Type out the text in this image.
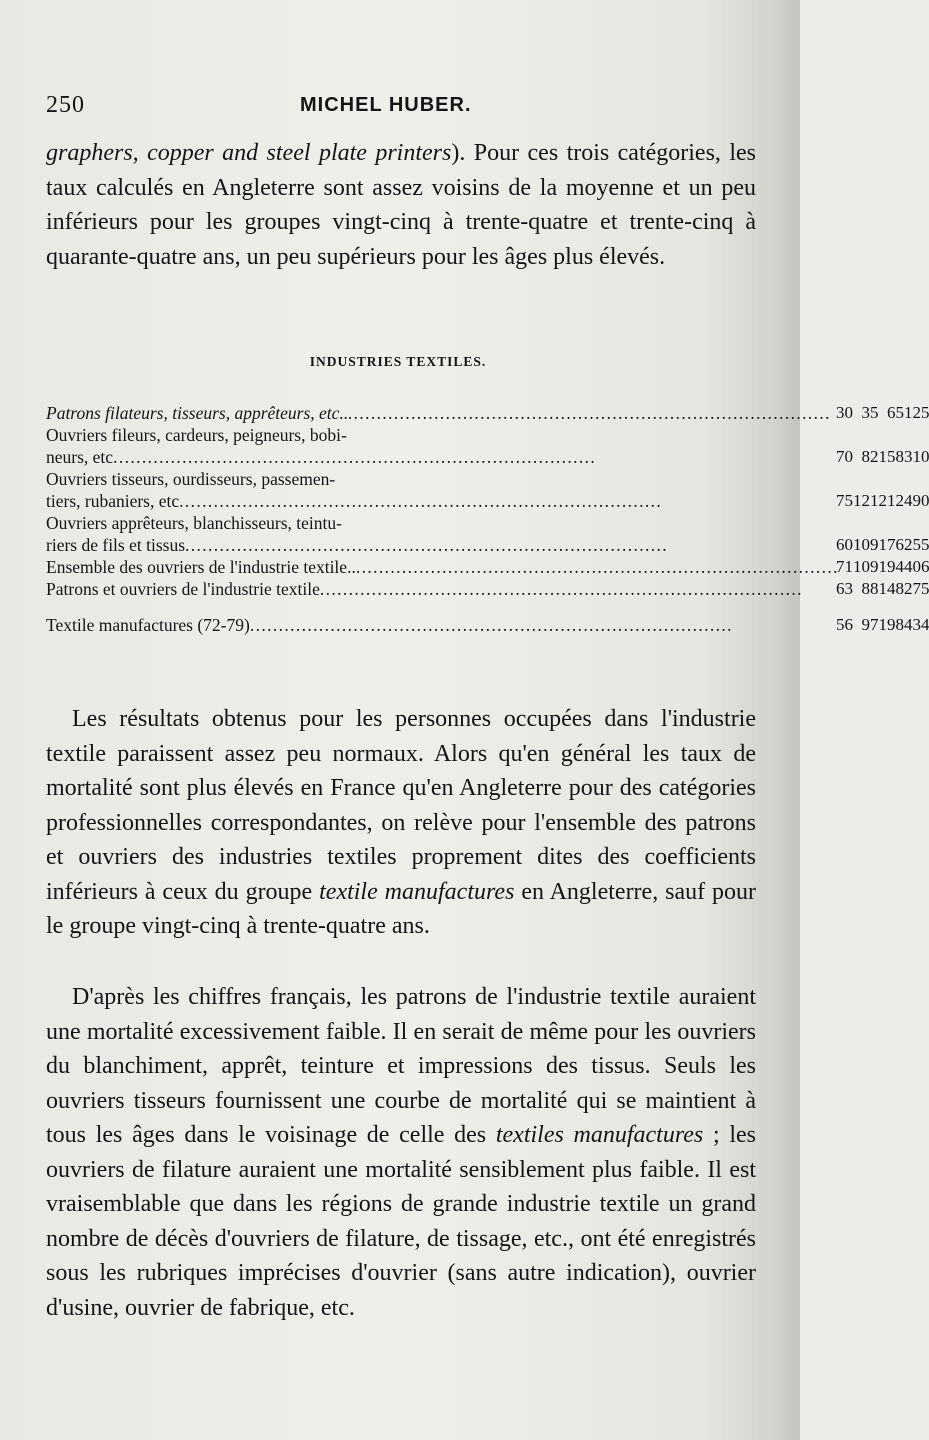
250	MICHEL HUBER.

graphers, copper and steel plate printers). Pour ces trois catégories, les taux calculés en Angleterre sont assez voisins de la moyenne et un peu inférieurs pour les groupes vingt-cinq à trente-quatre et trente-cinq à quarante-quatre ans, un peu supérieurs pour les âges plus élevés.

INDUSTRIES TEXTILES.
Patrons filateurs, tisseurs, apprêteurs, etc..
. . .	30	35	65	125

Ouvriers fileurs, cardeurs, peigneurs, bobi-
neurs, etc
. . .	70	82	158	310

Ouvriers tisseurs, ourdisseurs, passemen-
tiers, rubaniers, etc
. . .	75	121	212	490

Ouvriers apprêteurs, blanchisseurs, teintu-
riers de fils et tissus
. . .	60	109	176	255

Ensemble des ouvriers de l'industrie textile..
. . .	71	109	194	406

Patrons et ouvriers de l'industrie textile
. . .	63	88	148	275

Textile manufactures (72-79)
. . .	56	97	198	434

Les résultats obtenus pour les personnes occupées dans l'industrie textile paraissent assez peu normaux. Alors qu'en général les taux de mortalité sont plus élevés en France qu'en Angleterre pour des catégories professionnelles correspondantes, on relève pour l'ensemble des patrons et ouvriers des industries textiles proprement dites des coefficients inférieurs à ceux du groupe textile manufactures en Angleterre, sauf pour le groupe vingt-cinq à trente-quatre ans.

D'après les chiffres français, les patrons de l'industrie textile auraient une mortalité excessivement faible. Il en serait de même pour les ouvriers du blanchiment, apprêt, teinture et impressions des tissus. Seuls les ouvriers tisseurs fournissent une courbe de mortalité qui se maintient à tous les âges dans le voisinage de celle des textiles manufactures ; les ouvriers de filature auraient une mortalité sensiblement plus faible. Il est vraisemblable que dans les régions de grande industrie textile un grand nombre de décès d'ouvriers de filature, de tissage, etc., ont été enregistrés sous les rubriques imprécises d'ouvrier (sans autre indication), ouvrier d'usine, ouvrier de fabrique, etc.
